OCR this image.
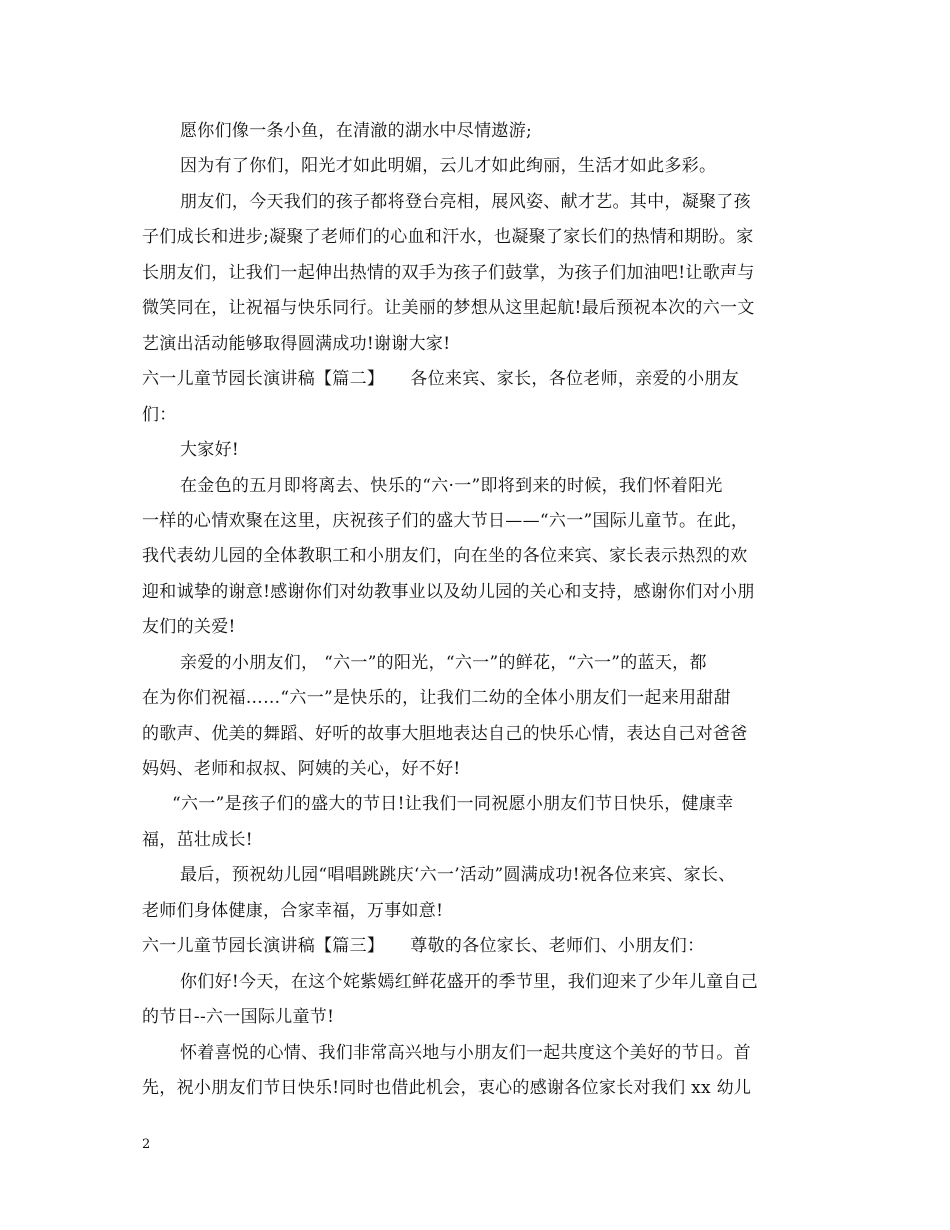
愿你们像一条小鱼，在清澈的湖水中尽情遨游;
因为有了你们，阳光才如此明媚，云儿才如此绚丽，生活才如此多彩。
朋友们，今天我们的孩子都将登台亮相，展风姿、献才艺。其中，凝聚了孩
子们成长和进步;凝聚了老师们的心血和汗水，也凝聚了家长们的热情和期盼。家
长朋友们，让我们一起伸出热情的双手为孩子们鼓掌，为孩子们加油吧!让歌声与
微笑同在，让祝福与快乐同行。让美丽的梦想从这里起航!最后预祝本次的六一文
艺演出活动能够取得圆满成功!谢谢大家!
六一儿童节园长演讲稿【篇二】　　各位来宾、家长，各位老师，亲爱的小朋友
们：
大家好!
在金色的五月即将离去、快乐的“六·一”即将到来的时候，我们怀着阳光
一样的心情欢聚在这里，庆祝孩子们的盛大节日——“六一”国际儿童节。在此，
我代表幼儿园的全体教职工和小朋友们，向在坐的各位来宾、家长表示热烈的欢
迎和诚挚的谢意!感谢你们对幼教事业以及幼儿园的关心和支持，感谢你们对小朋
友们的关爱!
亲爱的小朋友们， “六一”的阳光，“六一”的鲜花，“六一”的蓝天，都
在为你们祝福……“六一”是快乐的，让我们二幼的全体小朋友们一起来用甜甜
的歌声、优美的舞蹈、好听的故事大胆地表达自己的快乐心情，表达自己对爸爸
妈妈、老师和叔叔、阿姨的关心，好不好!
“六一”是孩子们的盛大的节日!让我们一同祝愿小朋友们节日快乐，健康幸
福，茁壮成长!
最后，预祝幼儿园“唱唱跳跳庆‘六一’活动”圆满成功!祝各位来宾、家长、
老师们身体健康，合家幸福，万事如意!
六一儿童节园长演讲稿【篇三】　　尊敬的各位家长、老师们、小朋友们：
你们好!今天，在这个姹紫嫣红鲜花盛开的季节里，我们迎来了少年儿童自己
的节日--六一国际儿童节!
怀着喜悦的心情、我们非常高兴地与小朋友们一起共度这个美好的节日。首
先，祝小朋友们节日快乐!同时也借此机会，衷心的感谢各位家长对我们 xx 幼儿
2
